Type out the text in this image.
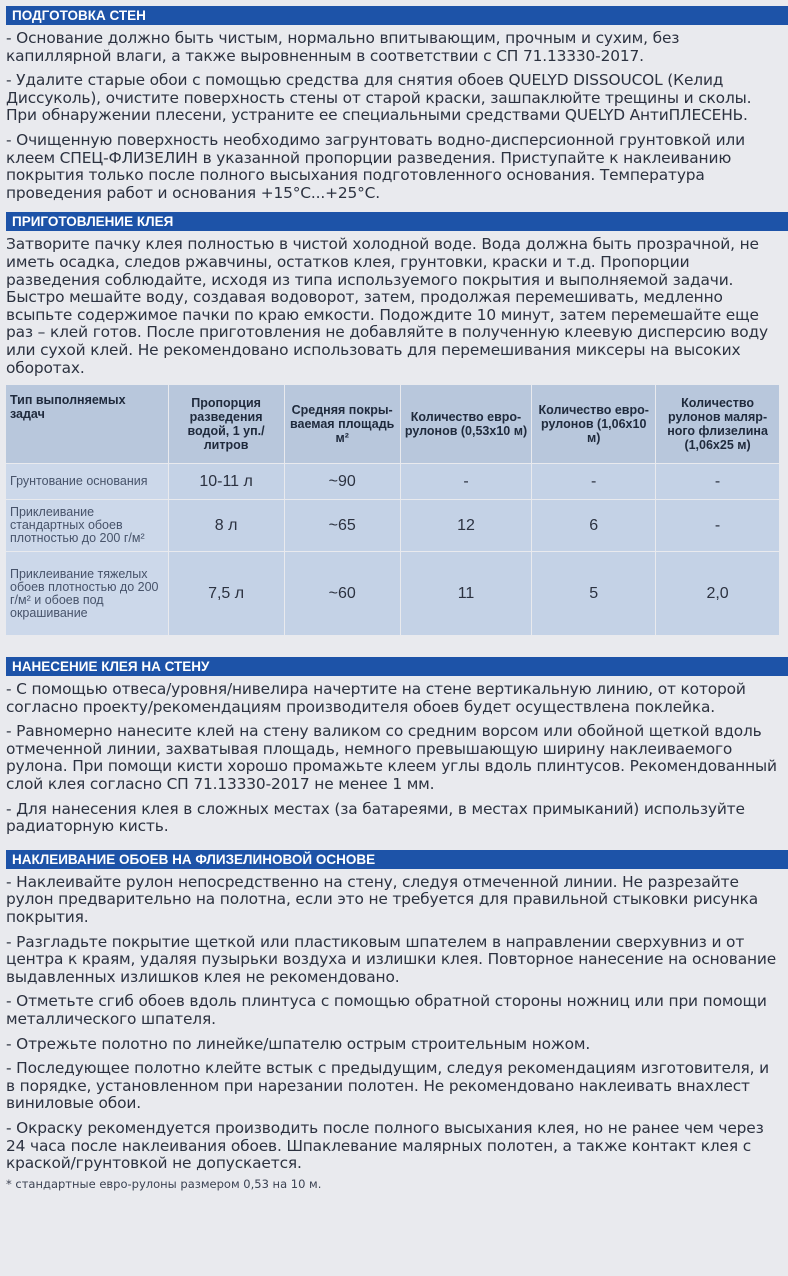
ПОДГОТОВКА СТЕН

- Основание должно быть чистым, нормально впитывающим, прочным и сухим, без капиллярной влаги, а также выровненным в соответствии с СП 71.13330-2017.

- Удалите старые обои с помощью средства для снятия обоев QUELYD DISSOUCOL (Келид Диссуколь), очистите поверхность стены от старой краски, зашпаклюйте трещины и сколы. При обнаружении плесени, устраните ее специальными средствами QUELYD АнтиПЛЕСЕНЬ.

- Очищенную поверхность необходимо загрунтовать водно-дисперсионной грунтовкой или клеем СПЕЦ-ФЛИЗЕЛИН в указанной пропорции разведения. Приступайте к наклеиванию покрытия только после полного высыхания подготовленного основания. Температура проведения работ и основания +15°C...+25°C.

ПРИГОТОВЛЕНИЕ КЛЕЯ

Затворите пачку клея полностью в чистой холодной воде. Вода должна быть прозрачной, не иметь осадка, следов ржавчины, остатков клея, грунтовки, краски и т.д. Пропорции разведения соблюдайте, исходя из типа используемого покрытия и выполняемой задачи. Быстро мешайте воду, создавая водоворот, затем, продолжая перемешивать, медленно всыпьте содержимое пачки по краю емкости. Подождите 10 минут, затем перемешайте еще раз – клей готов. После приготовления не добавляйте в полученную клеевую дисперсию воду или сухой клей. Не рекомендовано использовать для перемешивания миксеры на высоких оборотах.

Тип выполняемых задач	Пропорция разведения водой, 1 уп./литров	Средняя покрываемая площадь м²	Количество евро-рулонов (0,53x10 м)	Количество евро-рулонов (1,06x10 м)	Количество рулонов малярного флизелина (1,06x25 м)
Грунтование основания	10-11 л	~90	-	-	-
Приклеивание стандартных обоев плотностью до 200 г/м²	8 л	~65	12	6	-
Приклеивание тяжелых обоев плотностью до 200 г/м² и обоев под окрашивание	7,5 л	~60	11	5	2,0
НАНЕСЕНИЕ КЛЕЯ НА СТЕНУ

- С помощью отвеса/уровня/нивелира начертите на стене вертикальную линию, от которой согласно проекту/рекомендациям производителя обоев будет осуществлена поклейка.

- Равномерно нанесите клей на стену валиком со средним ворсом или обойной щеткой вдоль отмеченной линии, захватывая площадь, немного превышающую ширину наклеиваемого рулона. При помощи кисти хорошо промажьте клеем углы вдоль плинтусов. Рекомендованный слой клея согласно СП 71.13330-2017 не менее 1 мм.

- Для нанесения клея в сложных местах (за батареями, в местах примыканий) используйте радиаторную кисть.

НАКЛЕИВАНИЕ ОБОЕВ НА ФЛИЗЕЛИНОВОЙ ОСНОВЕ

- Наклеивайте рулон непосредственно на стену, следуя отмеченной линии. Не разрезайте рулон предварительно на полотна, если это не требуется для правильной стыковки рисунка покрытия.

- Разгладьте покрытие щеткой или пластиковым шпателем в направлении сверхувниз и от центра к краям, удаляя пузырьки воздуха и излишки клея. Повторное нанесение на основание выдавленных излишков клея не рекомендовано.

- Отметьте сгиб обоев вдоль плинтуса с помощью обратной стороны ножниц или при помощи металлического шпателя.

- Отрежьте полотно по линейке/шпателю острым строительным ножом.

- Последующее полотно клейте встык с предыдущим, следуя рекомендациям изготовителя, и в порядке, установленном при нарезании полотен. Не рекомендовано наклеивать внахлест виниловые обои.

- Окраску рекомендуется производить после полного высыхания клея, но не ранее чем через 24 часа после наклеивания обоев. Шпаклевание малярных полотен, а также контакт клея с краской/грунтовкой не допускается.

* стандартные евро-рулоны размером 0,53 на 10 м.
